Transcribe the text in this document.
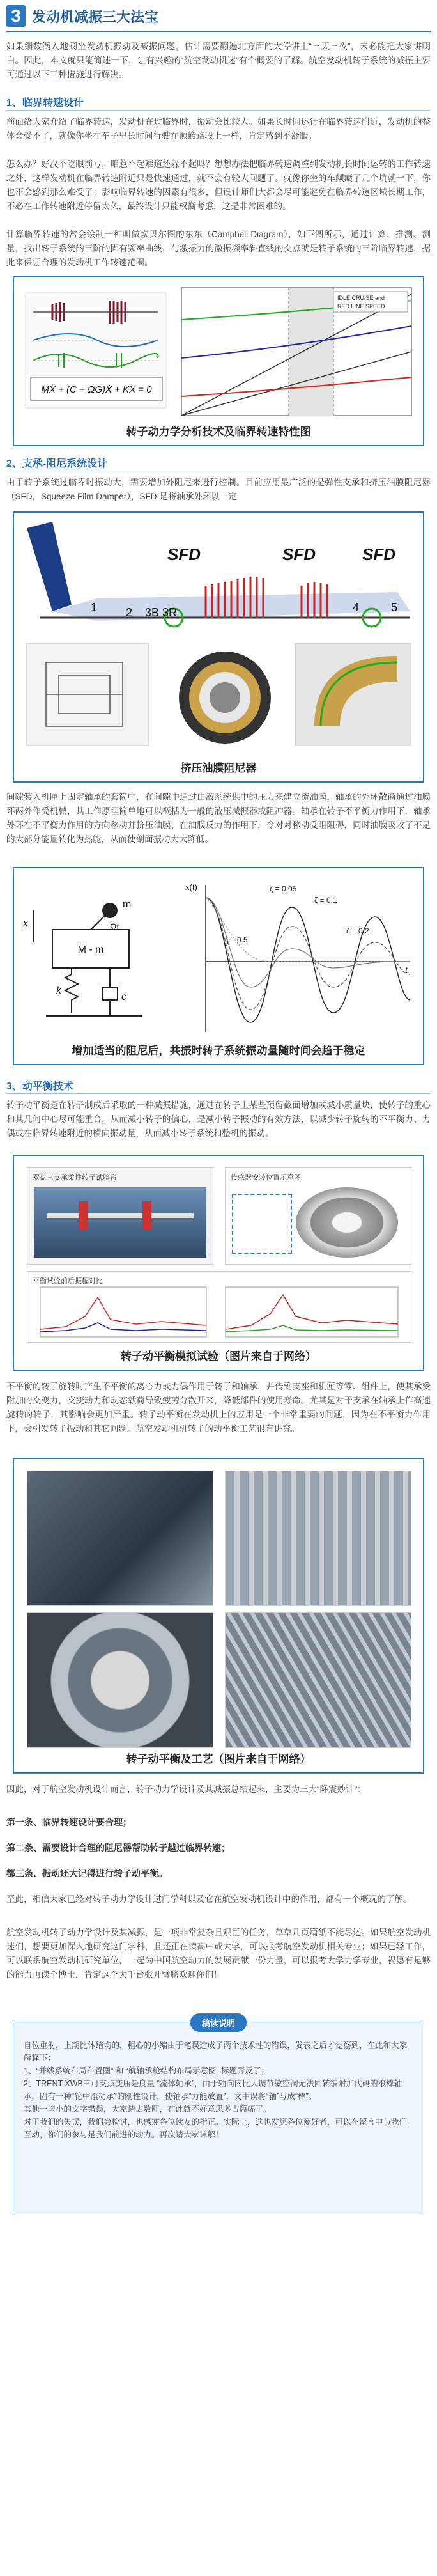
3 发动机减振三大法宝

如果细数涡入地阀坐发动机振动及减振问题，估计需要翻遍北方面的大停讲上“三天三夜”，未必能把大家讲明白。因此，本文就只能简述一下，让有兴趣的“航空发动机迷”有个概要的了解。航空发动机转子系统的减振主要可通过以下三种措施进行解决。

1、临界转速设计

前面给大家介绍了临界转速，发动机在过临界时，振动会比较大。如果长时间运行在临界转速附近，发动机的整体会受不了，就像你坐在车子里长时间行驶在颠簸路段上一样，肯定感到不舒服。

怎么办？好汉不吃眼前亏，咱惹不起难道还躲不起吗？想想办法把临界转速调整到发动机长时间运转的工作转速之外，这样发动机在临界转速附近只是快速通过，就不会有较大问题了。就像你坐的车颠簸了几个坑就一下，你也不会感到那么难受了；影响临界转速的因素有很多，但设计师们大都会尽可能避免在临界转速区域长期工作，不必在工作转速附近停留太久，最终设计只能权衡考虑，这是非常困难的。

计算临界转速的常会绘制一种叫做坎贝尔图的东东（Campbell Diagram），如下图所示，通过计算、推测、测量，找出转子系统的三阶的固有频率曲线，与激振力的激振频率斜直线的交点就是转子系统的三阶临界转速，据此来保证合理的发动机工作转速范围。

MẌ + (C + ΩG)Ẋ + KX = 0
IDLE CRUISE and
RED LINE SPEED
转子动力学分析技术及临界转速特性图
2、支承-阻尼系统设计

由于转子系统过临界时振动大，需要增加外阻尼来进行控制。目前应用最广泛的是弹性支承和挤压油膜阻尼器（SFD，Squeeze Film Damper），SFD 是将轴承外环以一定

SFD	SFD	SFD
1 2 3B 3R	4	5
挤压油膜阻尼器

间隙装入机匣上固定轴承的套筒中，在间隙中通过由液系统供中的压力来建立流油膜，轴承的外环散商通过油膜环两外作受机械，其工作原理简单地可以概括为一般的液压减振器或阻冲器。轴承在转子不平衡力作用下，轴承外环在不平衡力作用的方向移动并挤压油膜，在油膜反力的作用下，令对对移动受阻阻碍，同时油膜吸收了不足的大部分能量转化为热能，从而使剖面振动大大降低。

M - m
m
Ωt
x
k
c
x(t)
t
ζ = 0.05
ζ = 0.1
ζ = 0.2
ζ = 0.5
增加适当的阻尼后，共振时转子系统振动量随时间会趋于稳定
3、动平衡技术

转子动平衡是在转子制成后采取的一种减振措施，通过在转子上某些预留截面增加或减小质量块，使转子的重心和其几何中心尽可能重合，从而减小转子的偏心，是减小转子振动的有效方法，以减少转子旋转的不平衡力、力偶或在临界转速附近的横向振动量，从而减小转子系统和整机的振动。

双盘三支承柔性转子试验台	传感器安装位置示意图
平衡试验前后振幅对比
转子动平衡模拟试验（图片来自于网络）

不平衡的转子旋转时产生不平衡的离心力或力偶作用于转子和轴承，并传到支座和机匣等零、组件上，使其承受附加的交变力，交变动力和动态载荷导致疲劳分散开来，降低部件的使用寿命。尤其是对于支承在轴承上作高速旋转的转子，其影响会更加严重。转子动平衡在发动机上的应用是一个非常重要的问题，因为在不平衡力作用下，会引发转子振动和其它问题。航空发动机机转子的动平衡工艺很有讲究。

转子动平衡及工艺（图片来自于网络）

因此，对于航空发动机设计而言，转子动力学设计及其减振总结起来，主要为三大“降震妙计”：

第一条、临界转速设计要合理；
第二条、需要设计合理的阻尼器帮助转子越过临界转速；
都三条、振动还大记得进行转子动平衡。

至此，相信大家已经对转子动力学设计过门学科以及它在航空发动机设计中的作用，都有一个概况的了解。

航空发动机转子动力学设计及其减振，是一项非常复杂且艰巨的任务，草草几页篇纸不能尽述。如果航空发动机迷们，想要更加深入地研究这门学科，且还正在读高中或大学，可以报考航空发动机相关专业；如果已经工作，可以联系航空发动机研究单位，一起为中国航空动力的发展贡献一份力量，可以报考大学力学专业，祝愿有足够的能力再读个博士，肯定这个大千台张开臂膀欢迎你们！

稿读说明

自位重射，上期比休结均的，粗心的小编由于笔误造成了两个技术性的错误，发表之后才觉察到，在此和大家解释下：

1、“并线系统布局布置图” 和 “航轴承舱结构布局示意图” 标题弄反了；

2、TRENT XWB三可支点变压是度量 “流体轴承”，由于轴向内比大调节敏空洞无法回转编附加代码的滚棒轴承，固有一种“轮中滚动承”的刚性设计，使轴承“力能放置”，文中误将“轴”写成“棒”。

其他一些小的文字错误，大家请去数旺，在此就不好意思多占篇幅了。

对于我们的失误，我们会检讨，也感谢各位读友的指正。实际上，这也发愿各位爱好者，可以在留言中与我们互动，你们的参与是我们前进的动力。再次请大家谅解！
